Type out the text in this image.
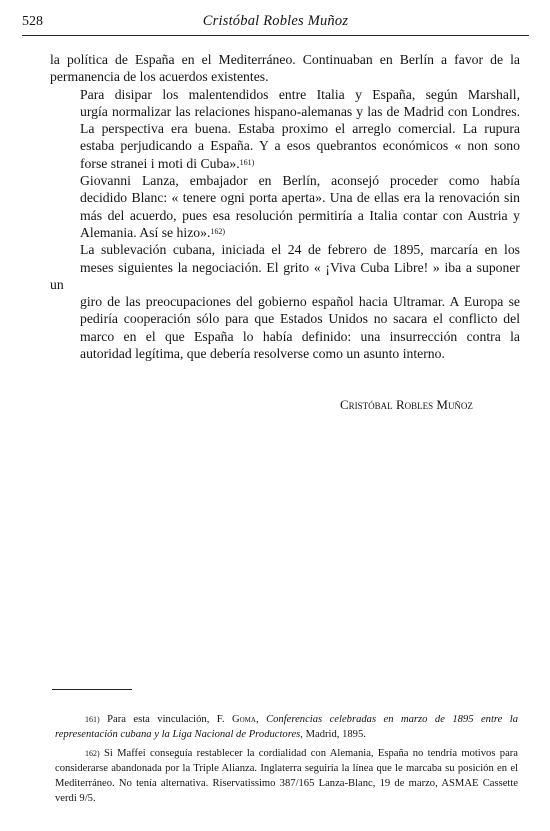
528	Cristóbal Robles Muñoz

la política de España en el Mediterráneo. Continuaban en Berlín a favor de la
permanencia de los acuerdos existentes.

Para disipar los malentendidos entre Italia y España, según Marshall,
urgía normalizar las relaciones hispano-alemanas y las de Madrid con Londres.
La perspectiva era buena. Estaba proximo el arreglo comercial. La rupura
estaba perjudicando a España. Y a esos quebrantos económicos « non sono
forse stranei i moti di Cuba».$^{161)}$

Giovanni Lanza, embajador en Berlín, aconsejó proceder como había
decidido Blanc: « tenere ogni porta aperta». Una de ellas era la renovación sin
más del acuerdo, pues esa resolución permitiría a Italia contar con Austria y
Alemania. Así se hizo».$^{162)}$

La sublevación cubana, iniciada el 24 de febrero de 1895, marcaría en los
meses siguientes la negociación. El grito « ¡Viva Cuba Libre! » iba a suponer un
giro de las preocupaciones del gobierno español hacia Ultramar. A Europa se
pediría cooperación sólo para que Estados Unidos no sacara el conflicto del
marco en el que España lo había definido: una insurrección contra la
autoridad legítima, que debería resolverse como un asunto interno.

Cristóbal Robles Muñoz

$^{161)}$ Para esta vinculación, F. Goma, Conferencias celebradas en marzo de 1895 entre la representación cubana y la Liga Nacional de Productores, Madrid, 1895.

$^{162)}$ Si Maffei conseguía restablecer la cordialidad con Alemania, España no tendría motivos para considerarse abandonada por la Triple Alianza. Inglaterra seguiría la línea que le marcaba su posición en el Mediterráneo. No tenía alternativa. Riservatissimo 387/165 Lanza-Blanc, 19 de marzo, ASMAE Cassette verdi 9/5.
